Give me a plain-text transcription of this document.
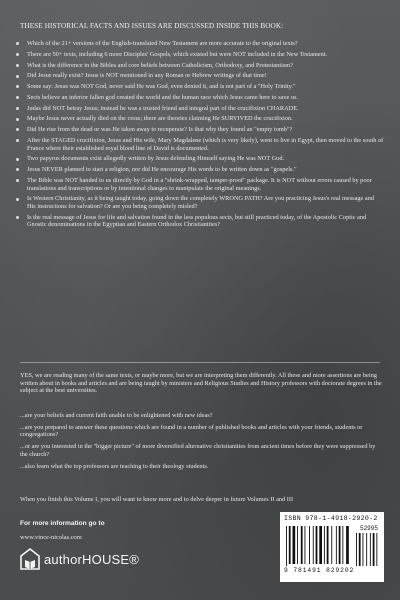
THESE HISTORICAL FACTS AND ISSUES ARE DISCUSSED INSIDE THIS BOOK:
Which of the 21+ versions of the English-translated New Testament are more accurate to the original texts?
There are 50+ texts, including 6 more Disciples' Gospels, which existed but were NOT included in the New Testament.
What is the difference in the Bibles and core beliefs between Catholicism, Orthodoxy, and Protestantism?
Did Jesus really exist? Jesus is NOT mentioned in any Roman or Hebrew writings of that time!
Some say: Jesus was NOT God, never said He was God, even denied it, and is not part of a "Holy Trinity."
Sects believe an inferior fallen god created the world and the human race which Jesus came here to save us.
Judas did NOT betray Jesus; instead he was a trusted friend and integral part of the crucifixion CHARADE.
Maybe Jesus never actually died on the cross; there are theories claiming He SURVIVED the crucifixion.
Did He rise from the dead or was He taken away to recuperate? Is that why they found an "empty tomb"?
After the STAGED crucifixion, Jesus and His wife, Mary Magdalene (which is very likely), went to live in Egypt, then moved to the south of France where their established royal blood line of David is documented.
Two papyrus documents exist allegedly written by Jesus defending Himself saying He was NOT God.
Jesus NEVER planned to start a religion, nor did He encourage His words to be written down as "gospels."
The Bible was NOT handed to us directly by God in a "shrink-wrapped, tamper-proof" package. It is NOT without errors caused by poor translations and transcriptions or by intentional changes to manipulate the original meanings.
Is Western Christianity, as it being taught today, going down the completely WRONG PATH? Are you practicing Jesus's real message and His instructions for salvation? Or are you being completely misled?
Is the real message of Jesus for life and salvation found in the less populous sects, but still practiced today, of the Apostolic Coptic and Gnostic denominations in the Egyptian and Eastern Orthodox Christianities?

YES, we are reading many of the same texts, or maybe more, but we are interpreting them differently. All these and more assertions are being written about in books and articles and are being taught by ministers and Religious Studies and History professors with doctorate degrees in the subject at the best universities.

...are your beliefs and current faith unable to be enlightened with new ideas?
...are you prepared to answer these questions which are found in a number of published books and articles with your friends, students or congregations?
...or are you interested in the "bigger picture" of more diversified alternative christianities from ancient times before they were suppressed by the church?
...also learn what the top professors are teaching to their theology students.

When you finish this Volume I, you will want to know more and to delve deeper in future Volumes II and III

For more information go to
www.vince-nicolas.com
authorHOUSE®
ISBN 978-1-4918-2920-2
52995
9 781491 829202
